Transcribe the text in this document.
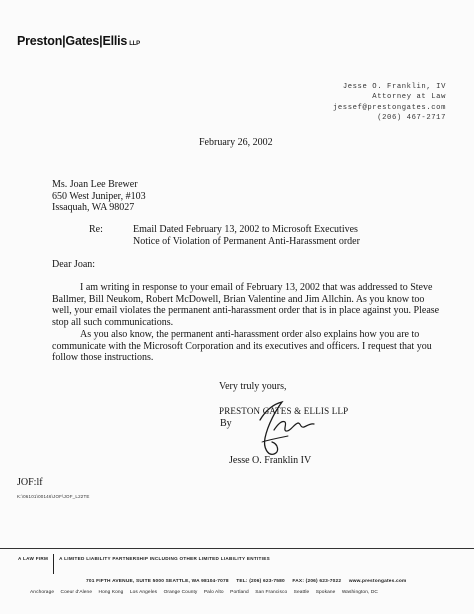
Preston|Gates|Ellis LLP
Jesse O. Franklin, IV
Attorney at Law
jessef@prestongates.com
(206) 467-2717
February 26, 2002
Ms. Joan Lee Brewer
650 West Juniper, #103
Issaquah, WA 98027
Re:	Email Dated February 13, 2002 to Microsoft Executives
Notice of Violation of Permanent Anti-Harassment order
Dear Joan:
I am writing in response to your email of February 13, 2002 that was addressed to Steve
Ballmer, Bill Neukom, Robert McDowell, Brian Valentine and Jim Allchin. As you know too
well, your email violates the permanent anti-harassment order that is in place against you. Please
stop all such communications.
As you also know, the permanent anti-harassment order also explains how you are to
communicate with the Microsoft Corporation and its executives and officers. I request that you
follow those instructions.
Very truly yours,
PRESTON GATES & ELLIS LLP
By
Jesse O. Franklin IV
JOF:lf
K:\06101\00146\JOF\JOF_L22TE
A LAW FIRM A LIMITED LIABILITY PARTNERSHIP INCLUDING OTHER LIMITED LIABILITY ENTITIES
701 FIFTH AVENUE, SUITE 5000 SEATTLE, WA 98104-7078 TEL: (206) 623-7580 FAX: (206) 623-7022 www.prestongates.com
Anchorage Coeur d'Alene Hong Kong Los Angeles Orange County Palo Alto Portland San Francisco Seattle Spokane Washington, DC
